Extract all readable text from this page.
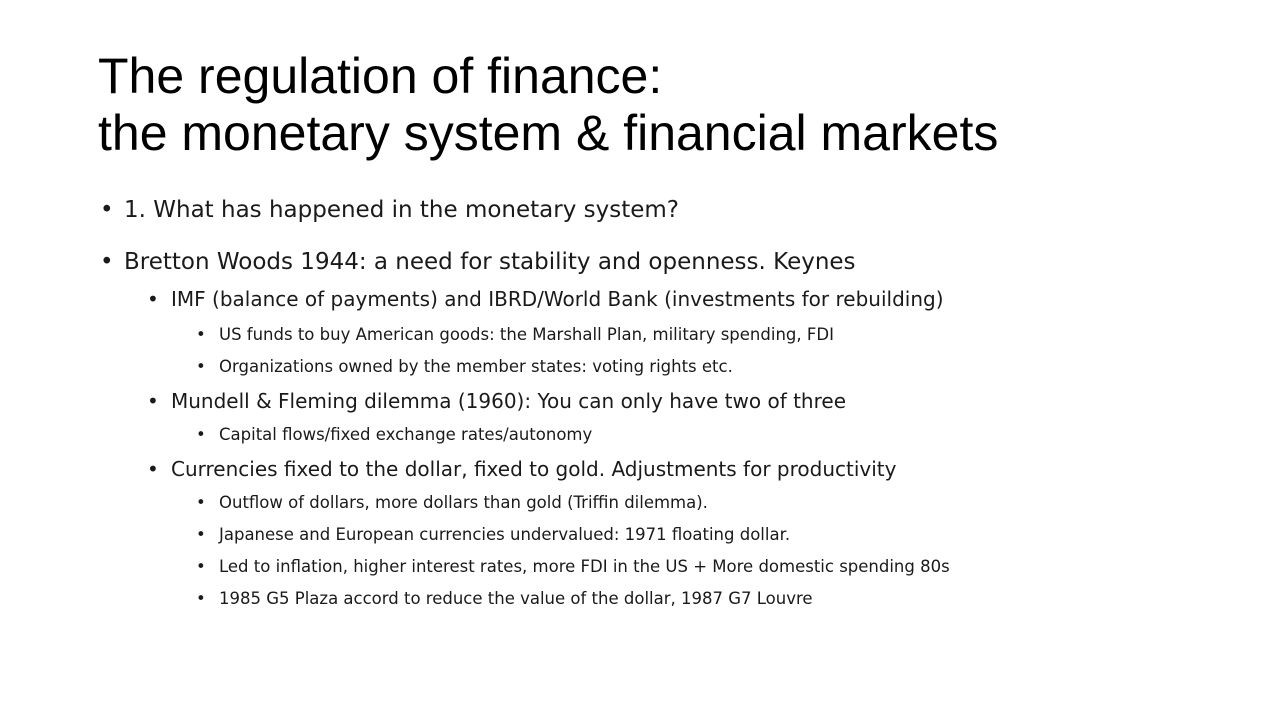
The regulation of finance:
the monetary system & financial markets
• 1. What has happened in the monetary system?
• Bretton Woods 1944: a need for stability and openness. Keynes
• IMF (balance of payments) and IBRD/World Bank (investments for rebuilding)
• US funds to buy American goods: the Marshall Plan, military spending, FDI
• Organizations owned by the member states: voting rights etc.
• Mundell & Fleming dilemma (1960): You can only have two of three
• Capital flows/fixed exchange rates/autonomy
• Currencies fixed to the dollar, fixed to gold. Adjustments for productivity
• Outflow of dollars, more dollars than gold (Triffin dilemma).
• Japanese and European currencies undervalued: 1971 floating dollar.
• Led to inflation, higher interest rates, more FDI in the US + More domestic spending 80s
• 1985 G5 Plaza accord to reduce the value of the dollar, 1987 G7 Louvre
